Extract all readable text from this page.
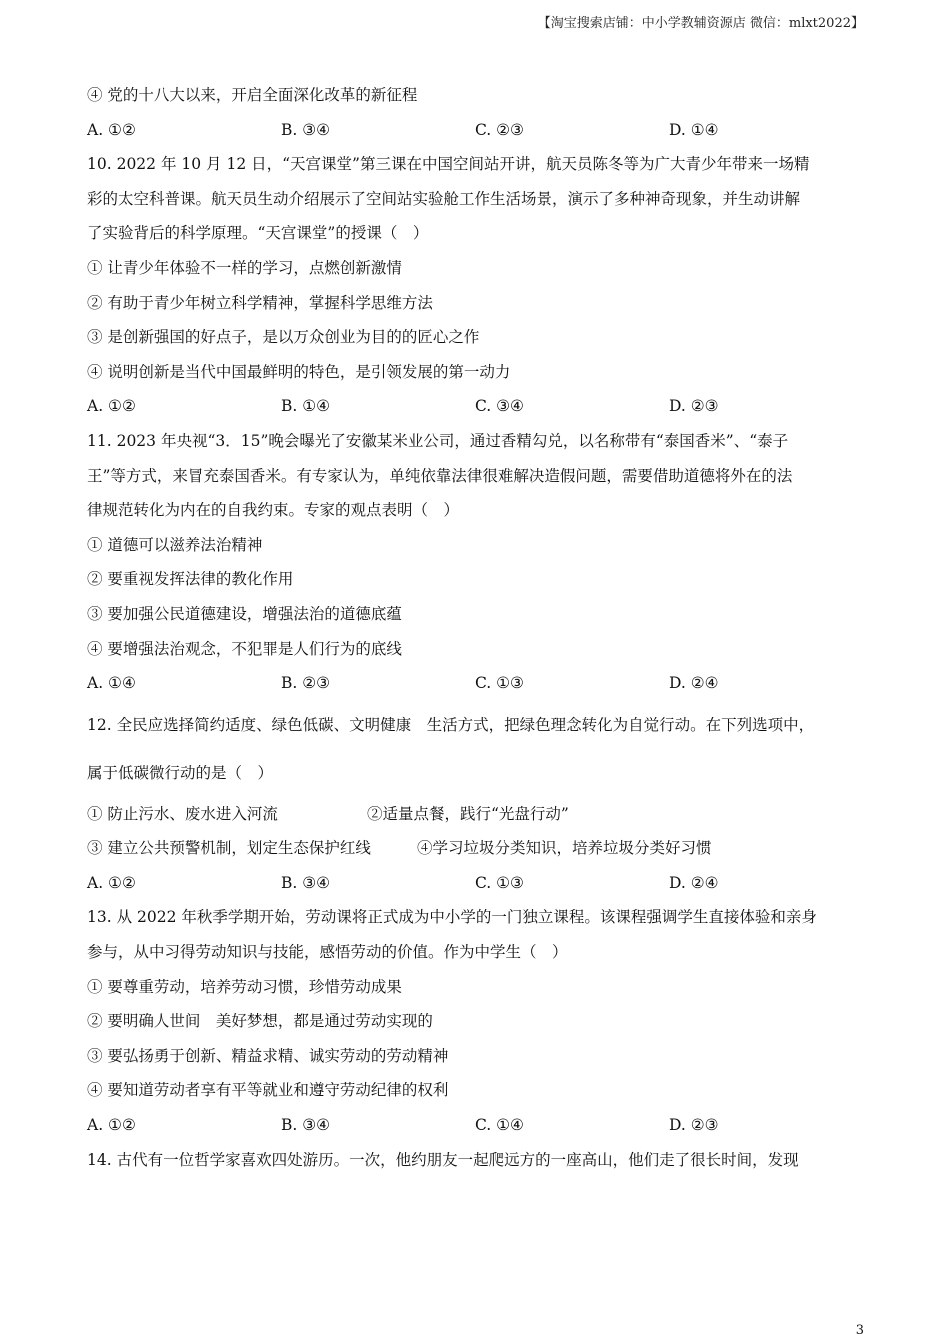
【淘宝搜索店铺：中小学教辅资源店 微信：mlxt2022】
④ 党的十八大以来，开启全面深化改革的新征程
A. ①②	B. ③④	C. ②③	D. ①④
10. 2022 年 10 月 12 日，“天宫课堂”第三课在中国空间站开讲，航天员陈冬等为广大青少年带来一场精
彩的太空科普课。航天员生动介绍展示了空间站实验舱工作生活场景，演示了多种神奇现象，并生动讲解
了实验背后的科学原理。“天宫课堂”的授课（　）
① 让青少年体验不一样的学习，点燃创新激情
② 有助于青少年树立科学精神，掌握科学思维方法
③ 是创新强国的好点子，是以万众创业为目的的匠心之作
④ 说明创新是当代中国最鲜明的特色，是引领发展的第一动力
A. ①②	B. ①④	C. ③④	D. ②③
11. 2023 年央视“3．15”晚会曝光了安徽某米业公司，通过香精勾兑，以名称带有“泰国香米”、“泰子
王”等方式，来冒充泰国香米。有专家认为，单纯依靠法律很难解决造假问题，需要借助道德将外在的法
律规范转化为内在的自我约束。专家的观点表明（　）
① 道德可以滋养法治精神
② 要重视发挥法律的教化作用
③ 要加强公民道德建设，增强法治的道德底蕴
④ 要增强法治观念，不犯罪是人们行为的底线
A. ①④	B. ②③	C. ①③	D. ②④
12. 全民应选择简约适度、绿色低碳、文明健康　生活方式，把绿色理念转化为自觉行动。在下列选项中，
属于低碳微行动的是（　）
① 防止污水、废水进入河流	②适量点餐，践行“光盘行动”
③ 建立公共预警机制，划定生态保护红线	④学习垃圾分类知识，培养垃圾分类好习惯
A. ①②	B. ③④	C. ①③	D. ②④
13. 从 2022 年秋季学期开始，劳动课将正式成为中小学的一门独立课程。该课程强调学生直接体验和亲身
参与，从中习得劳动知识与技能，感悟劳动的价值。作为中学生（　）
① 要尊重劳动，培养劳动习惯，珍惜劳动成果
② 要明确人世间　美好梦想，都是通过劳动实现的
③ 要弘扬勇于创新、精益求精、诚实劳动的劳动精神
④ 要知道劳动者享有平等就业和遵守劳动纪律的权利
A. ①②	B. ③④	C. ①④	D. ②③
14. 古代有一位哲学家喜欢四处游历。一次，他约朋友一起爬远方的一座高山，他们走了很长时间，发现
3
